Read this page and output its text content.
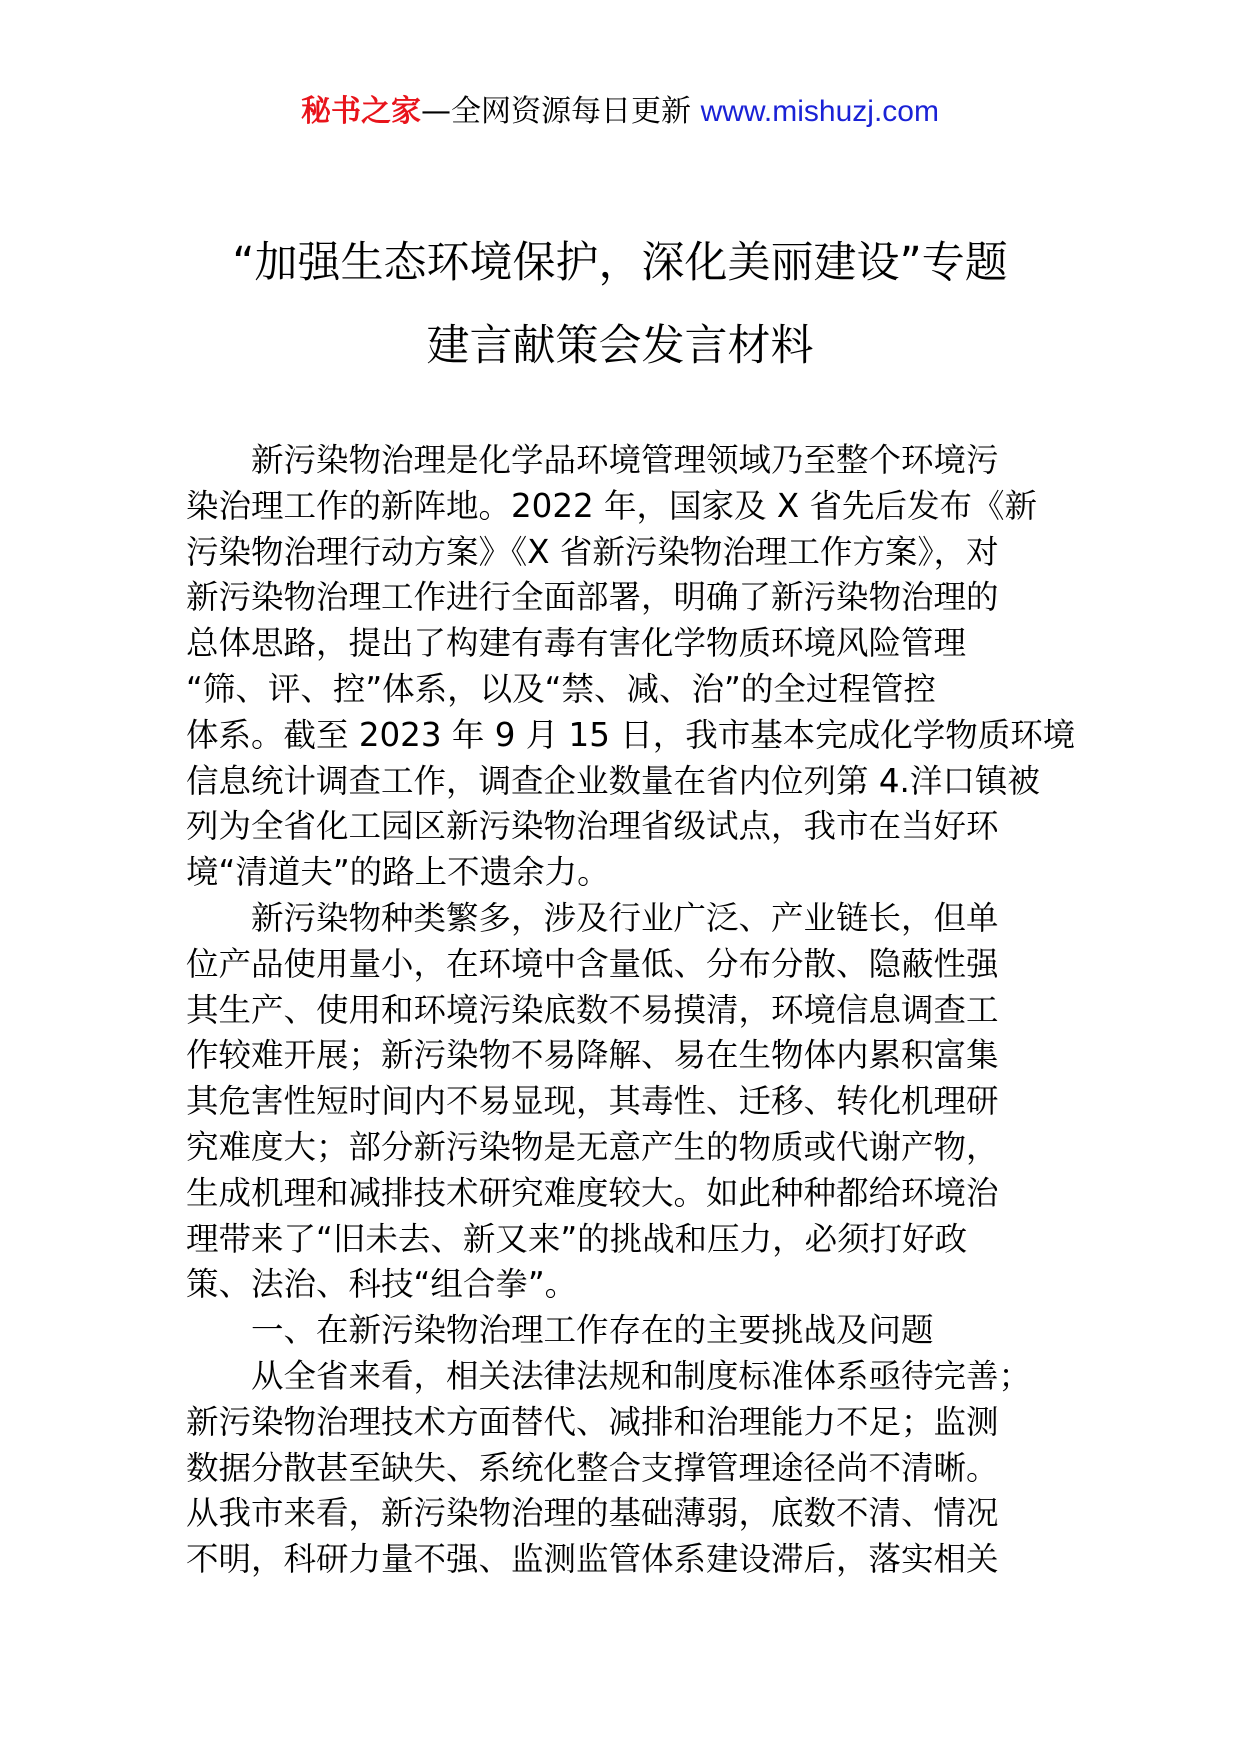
秘书之家—全网资源每日更新 www.mishuzj.com
“加强生态环境保护，深化美丽建设”专题
建言献策会发言材料
新污染物治理是化学品环境管理领域乃至整个环境污
染治理工作的新阵地。2022 年，国家及 X 省先后发布《新
污染物治理行动方案》《X 省新污染物治理工作方案》，对
新污染物治理工作进行全面部署，明确了新污染物治理的
总体思路，提出了构建有毒有害化学物质环境风险管理
“筛、评、控”体系，以及“禁、减、治”的全过程管控
体系。截至 2023 年 9 月 15 日，我市基本完成化学物质环境
信息统计调查工作，调查企业数量在省内位列第 4.洋口镇被
列为全省化工园区新污染物治理省级试点，我市在当好环
境“清道夫”的路上不遗余力。
新污染物种类繁多，涉及行业广泛、产业链长，但单
位产品使用量小，在环境中含量低、分布分散、隐蔽性强
其生产、使用和环境污染底数不易摸清，环境信息调查工
作较难开展；新污染物不易降解、易在生物体内累积富集
其危害性短时间内不易显现，其毒性、迁移、转化机理研
究难度大；部分新污染物是无意产生的物质或代谢产物，
生成机理和减排技术研究难度较大。如此种种都给环境治
理带来了“旧未去、新又来”的挑战和压力，必须打好政
策、法治、科技“组合拳”。
一、在新污染物治理工作存在的主要挑战及问题
从全省来看，相关法律法规和制度标准体系亟待完善；
新污染物治理技术方面替代、减排和治理能力不足；监测
数据分散甚至缺失、系统化整合支撑管理途径尚不清晰。
从我市来看，新污染物治理的基础薄弱，底数不清、情况
不明，科研力量不强、监测监管体系建设滞后，落实相关
